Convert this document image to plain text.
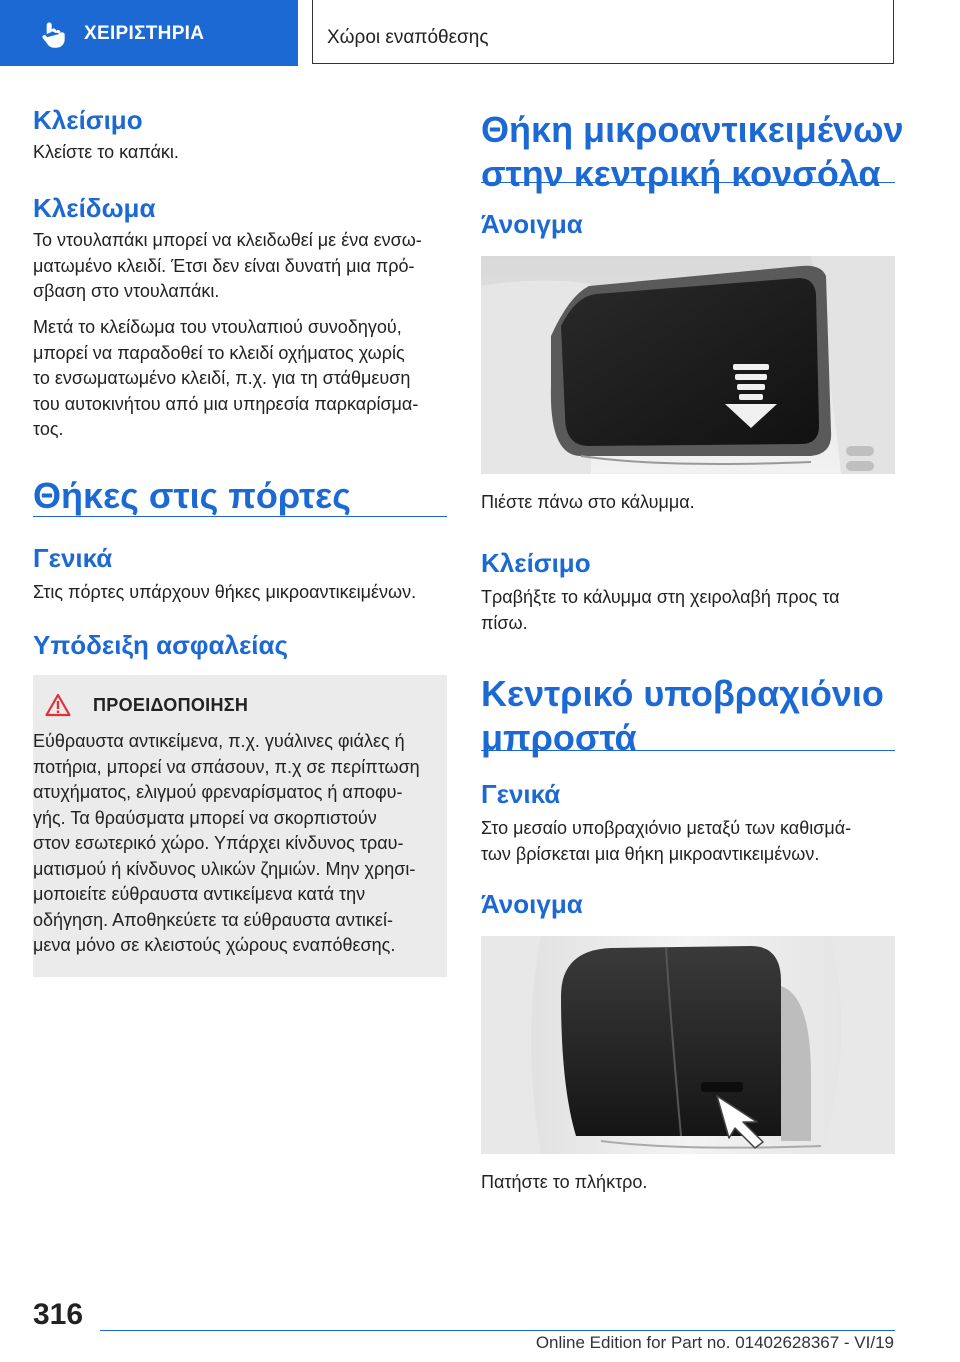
ΧΕΙΡΙΣΤΗΡΙΑ	Χώροι εναπόθεσης
Κλείσιμο
Κλείστε το καπάκι.
Κλείδωμα
Το ντουλαπάκι μπορεί να κλειδωθεί με ένα ενσω-
ματωμένο κλειδί. Έτσι δεν είναι δυνατή μια πρό-
σβαση στο ντουλαπάκι.
Μετά το κλείδωμα του ντουλαπιού συνοδηγού,
μπορεί να παραδοθεί το κλειδί οχήματος χωρίς
το ενσωματωμένο κλειδί, π.χ. για τη στάθμευση
του αυτοκινήτου από μια υπηρεσία παρκαρίσμα-
τος.
Θήκες στις πόρτες
Γενικά
Στις πόρτες υπάρχουν θήκες μικροαντικειμένων.
Υπόδειξη ασφαλείας
ΠΡΟΕΙΔΟΠΟΙΗΣΗ
Εύθραυστα αντικείμενα, π.χ. γυάλινες φιάλες ή
ποτήρια, μπορεί να σπάσουν, π.χ σε περίπτωση
ατυχήματος, ελιγμού φρεναρίσματος ή αποφυ-
γής. Τα θραύσματα μπορεί να σκορπιστούν
στον εσωτερικό χώρο. Υπάρχει κίνδυνος τραυ-
ματισμού ή κίνδυνος υλικών ζημιών. Μην χρησι-
μοποιείτε εύθραυστα αντικείμενα κατά την
οδήγηση. Αποθηκεύετε τα εύθραυστα αντικεί-
μενα μόνο σε κλειστούς χώρους εναπόθεσης.
Θήκη μικροαντικειμένων
στην κεντρική κονσόλα
Άνοιγμα
Πιέστε πάνω στο κάλυμμα.
Κλείσιμο
Τραβήξτε το κάλυμμα στη χειρολαβή προς τα
πίσω.
Κεντρικό υποβραχιόνιο
μπροστά
Γενικά
Στο μεσαίο υποβραχιόνιο μεταξύ των καθισμά-
των βρίσκεται μια θήκη μικροαντικειμένων.
Άνοιγμα
Πατήστε το πλήκτρο.
316
Online Edition for Part no. 01402628367 - VI/19
